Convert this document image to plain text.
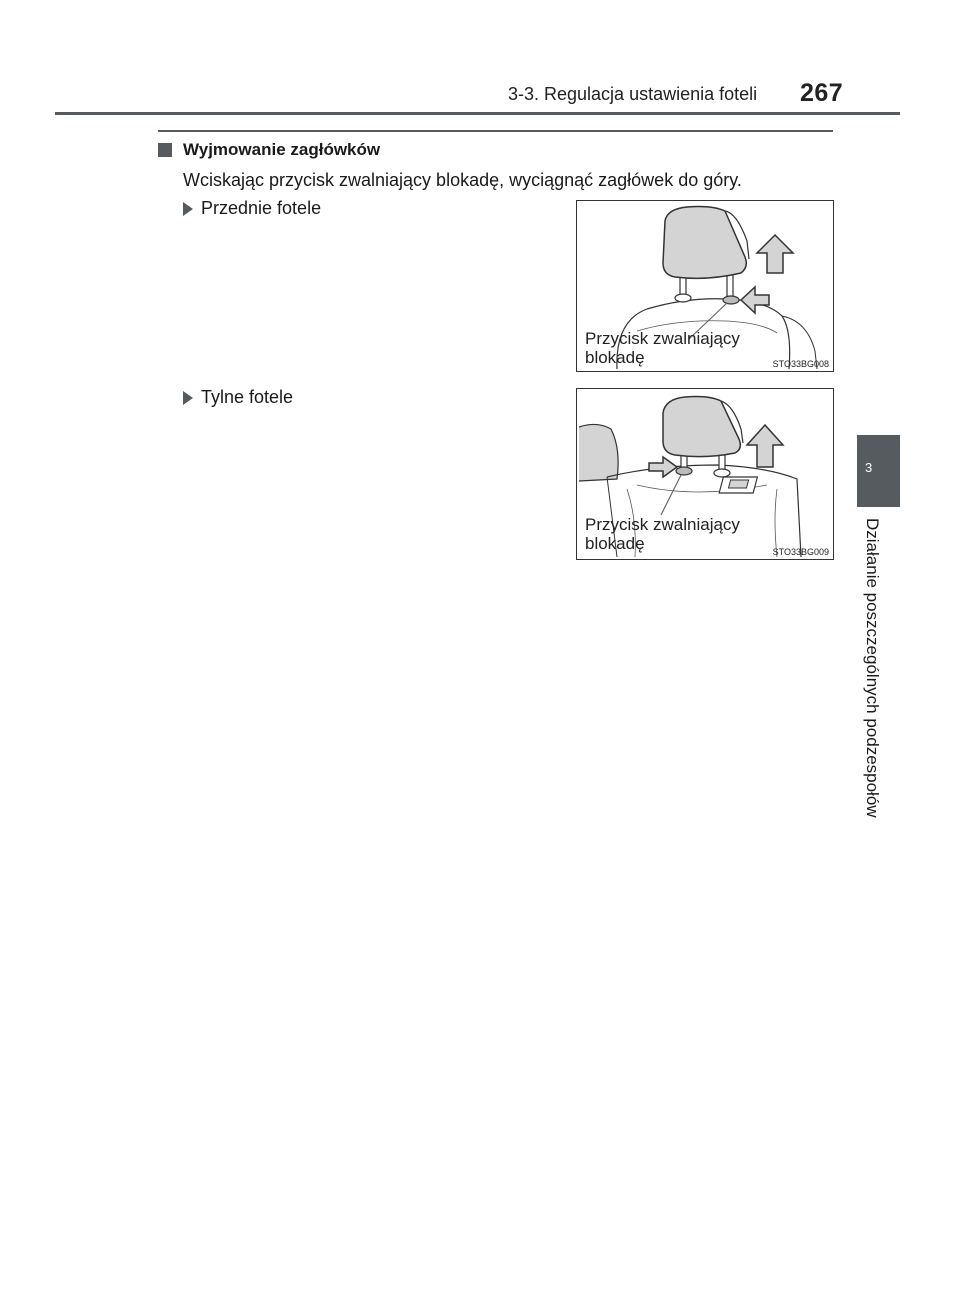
3-3. Regulacja ustawienia foteli 267
Wyjmowanie zagłówków
Wciskając przycisk zwalniający blokadę, wyciągnąć zagłówek do góry.
Przednie fotele
Przycisk zwalniający
blokadę	STO33BG008
Tylne fotele
Przycisk zwalniający
blokadę	STO33BG009
3
Działanie poszczególnych podzespołów
